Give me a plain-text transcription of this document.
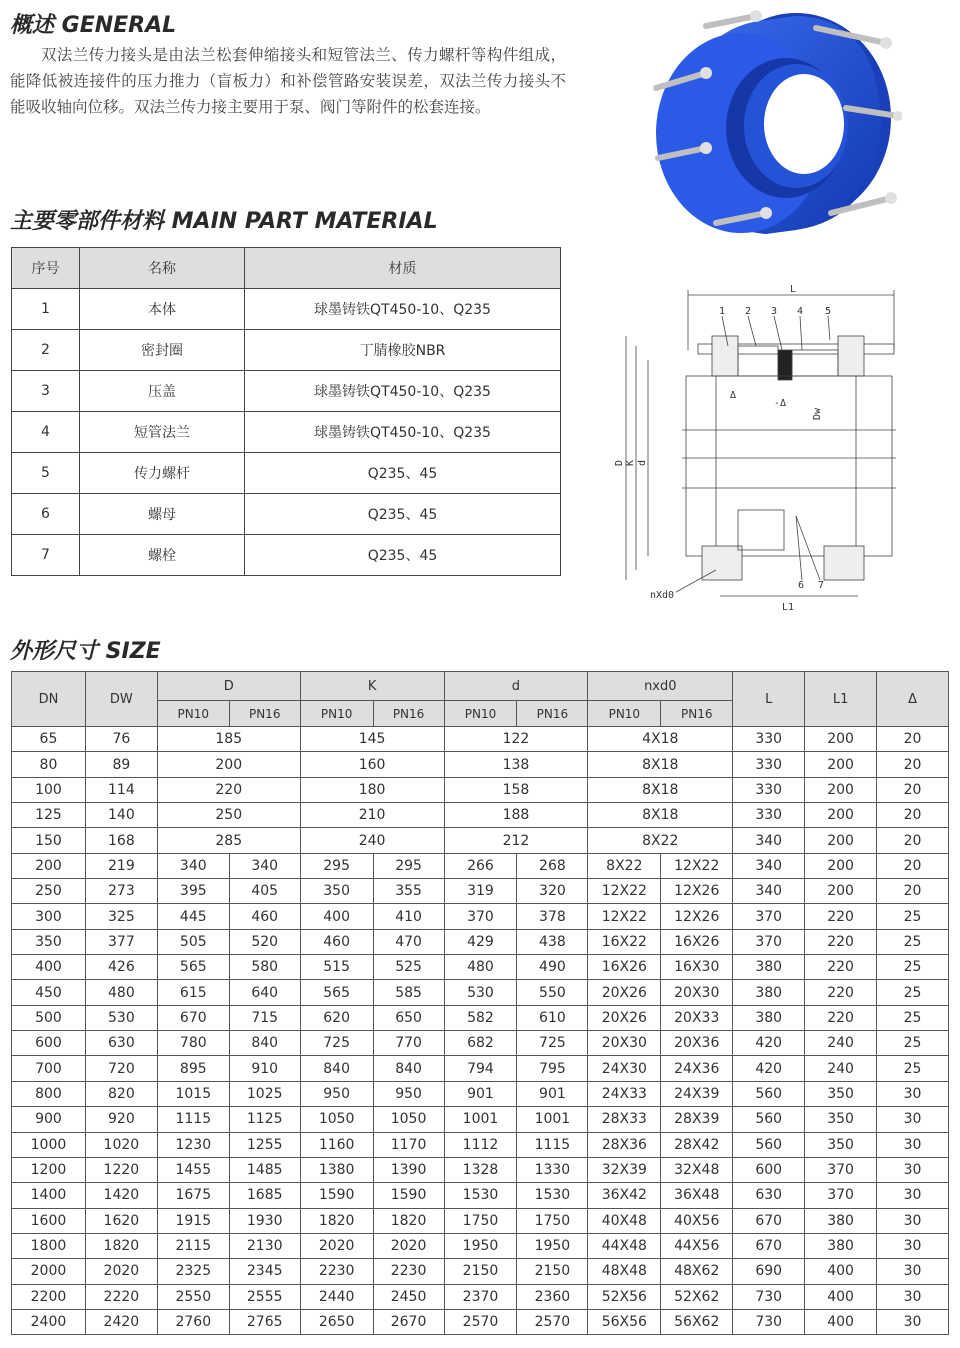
概述 GENERAL

双法兰传力接头是由法兰松套伸缩接头和短管法兰、传力螺杆等构件组成，能降低被连接件的压力推力（盲板力）和补偿管路安装误差，双法兰传力接头不能吸收轴向位移。双法兰传力接主要用于泵、阀门等附件的松套连接。

主要零部件材料 MAIN PART MATERIAL
序号	名称	材质
1	本体	球墨铸铁QT450-10、Q235
2	密封圈	丁腈橡胶NBR
3	压盖	球墨铸铁QT450-10、Q235
4	短管法兰	球墨铸铁QT450-10、Q235
5	传力螺杆	Q235、45
6	螺母	Q235、45
7	螺栓	Q235、45
L
1 2 3 4 5
6 7
Δ
-Δ
Dw
D K d
nXd0
L1
外形尺寸 SIZE
DN	DW	D		K		d		nxd0		L	L1	Δ
		PN10	PN16	PN10	PN16	PN10	PN16	PN10	PN16			
65	76	185		145		122		4X18		330	200	20
80	89	200		160		138		8X18		330	200	20
100	114	220		180		158		8X18		330	200	20
125	140	250		210		188		8X18		330	200	20
150	168	285		240		212		8X22		340	200	20
200	219	340	340	295	295	266	268	8X22	12X22	340	200	20
250	273	395	405	350	355	319	320	12X22	12X26	340	200	20
300	325	445	460	400	410	370	378	12X22	12X26	370	220	25
350	377	505	520	460	470	429	438	16X22	16X26	370	220	25
400	426	565	580	515	525	480	490	16X26	16X30	380	220	25
450	480	615	640	565	585	530	550	20X26	20X30	380	220	25
500	530	670	715	620	650	582	610	20X26	20X33	380	220	25
600	630	780	840	725	770	682	725	20X30	20X36	420	240	25
700	720	895	910	840	840	794	795	24X30	24X36	420	240	25
800	820	1015	1025	950	950	901	901	24X33	24X39	560	350	30
900	920	1115	1125	1050	1050	1001	1001	28X33	28X39	560	350	30
1000	1020	1230	1255	1160	1170	1112	1115	28X36	28X42	560	350	30
1200	1220	1455	1485	1380	1390	1328	1330	32X39	32X48	600	370	30
1400	1420	1675	1685	1590	1590	1530	1530	36X42	36X48	630	370	30
1600	1620	1915	1930	1820	1820	1750	1750	40X48	40X56	670	380	30
1800	1820	2115	2130	2020	2020	1950	1950	44X48	44X56	670	380	30
2000	2020	2325	2345	2230	2230	2150	2150	48X48	48X62	690	400	30
2200	2220	2550	2555	2440	2450	2370	2360	52X56	52X62	730	400	30
2400	2420	2760	2765	2650	2670	2570	2570	56X56	56X62	730	400	30
